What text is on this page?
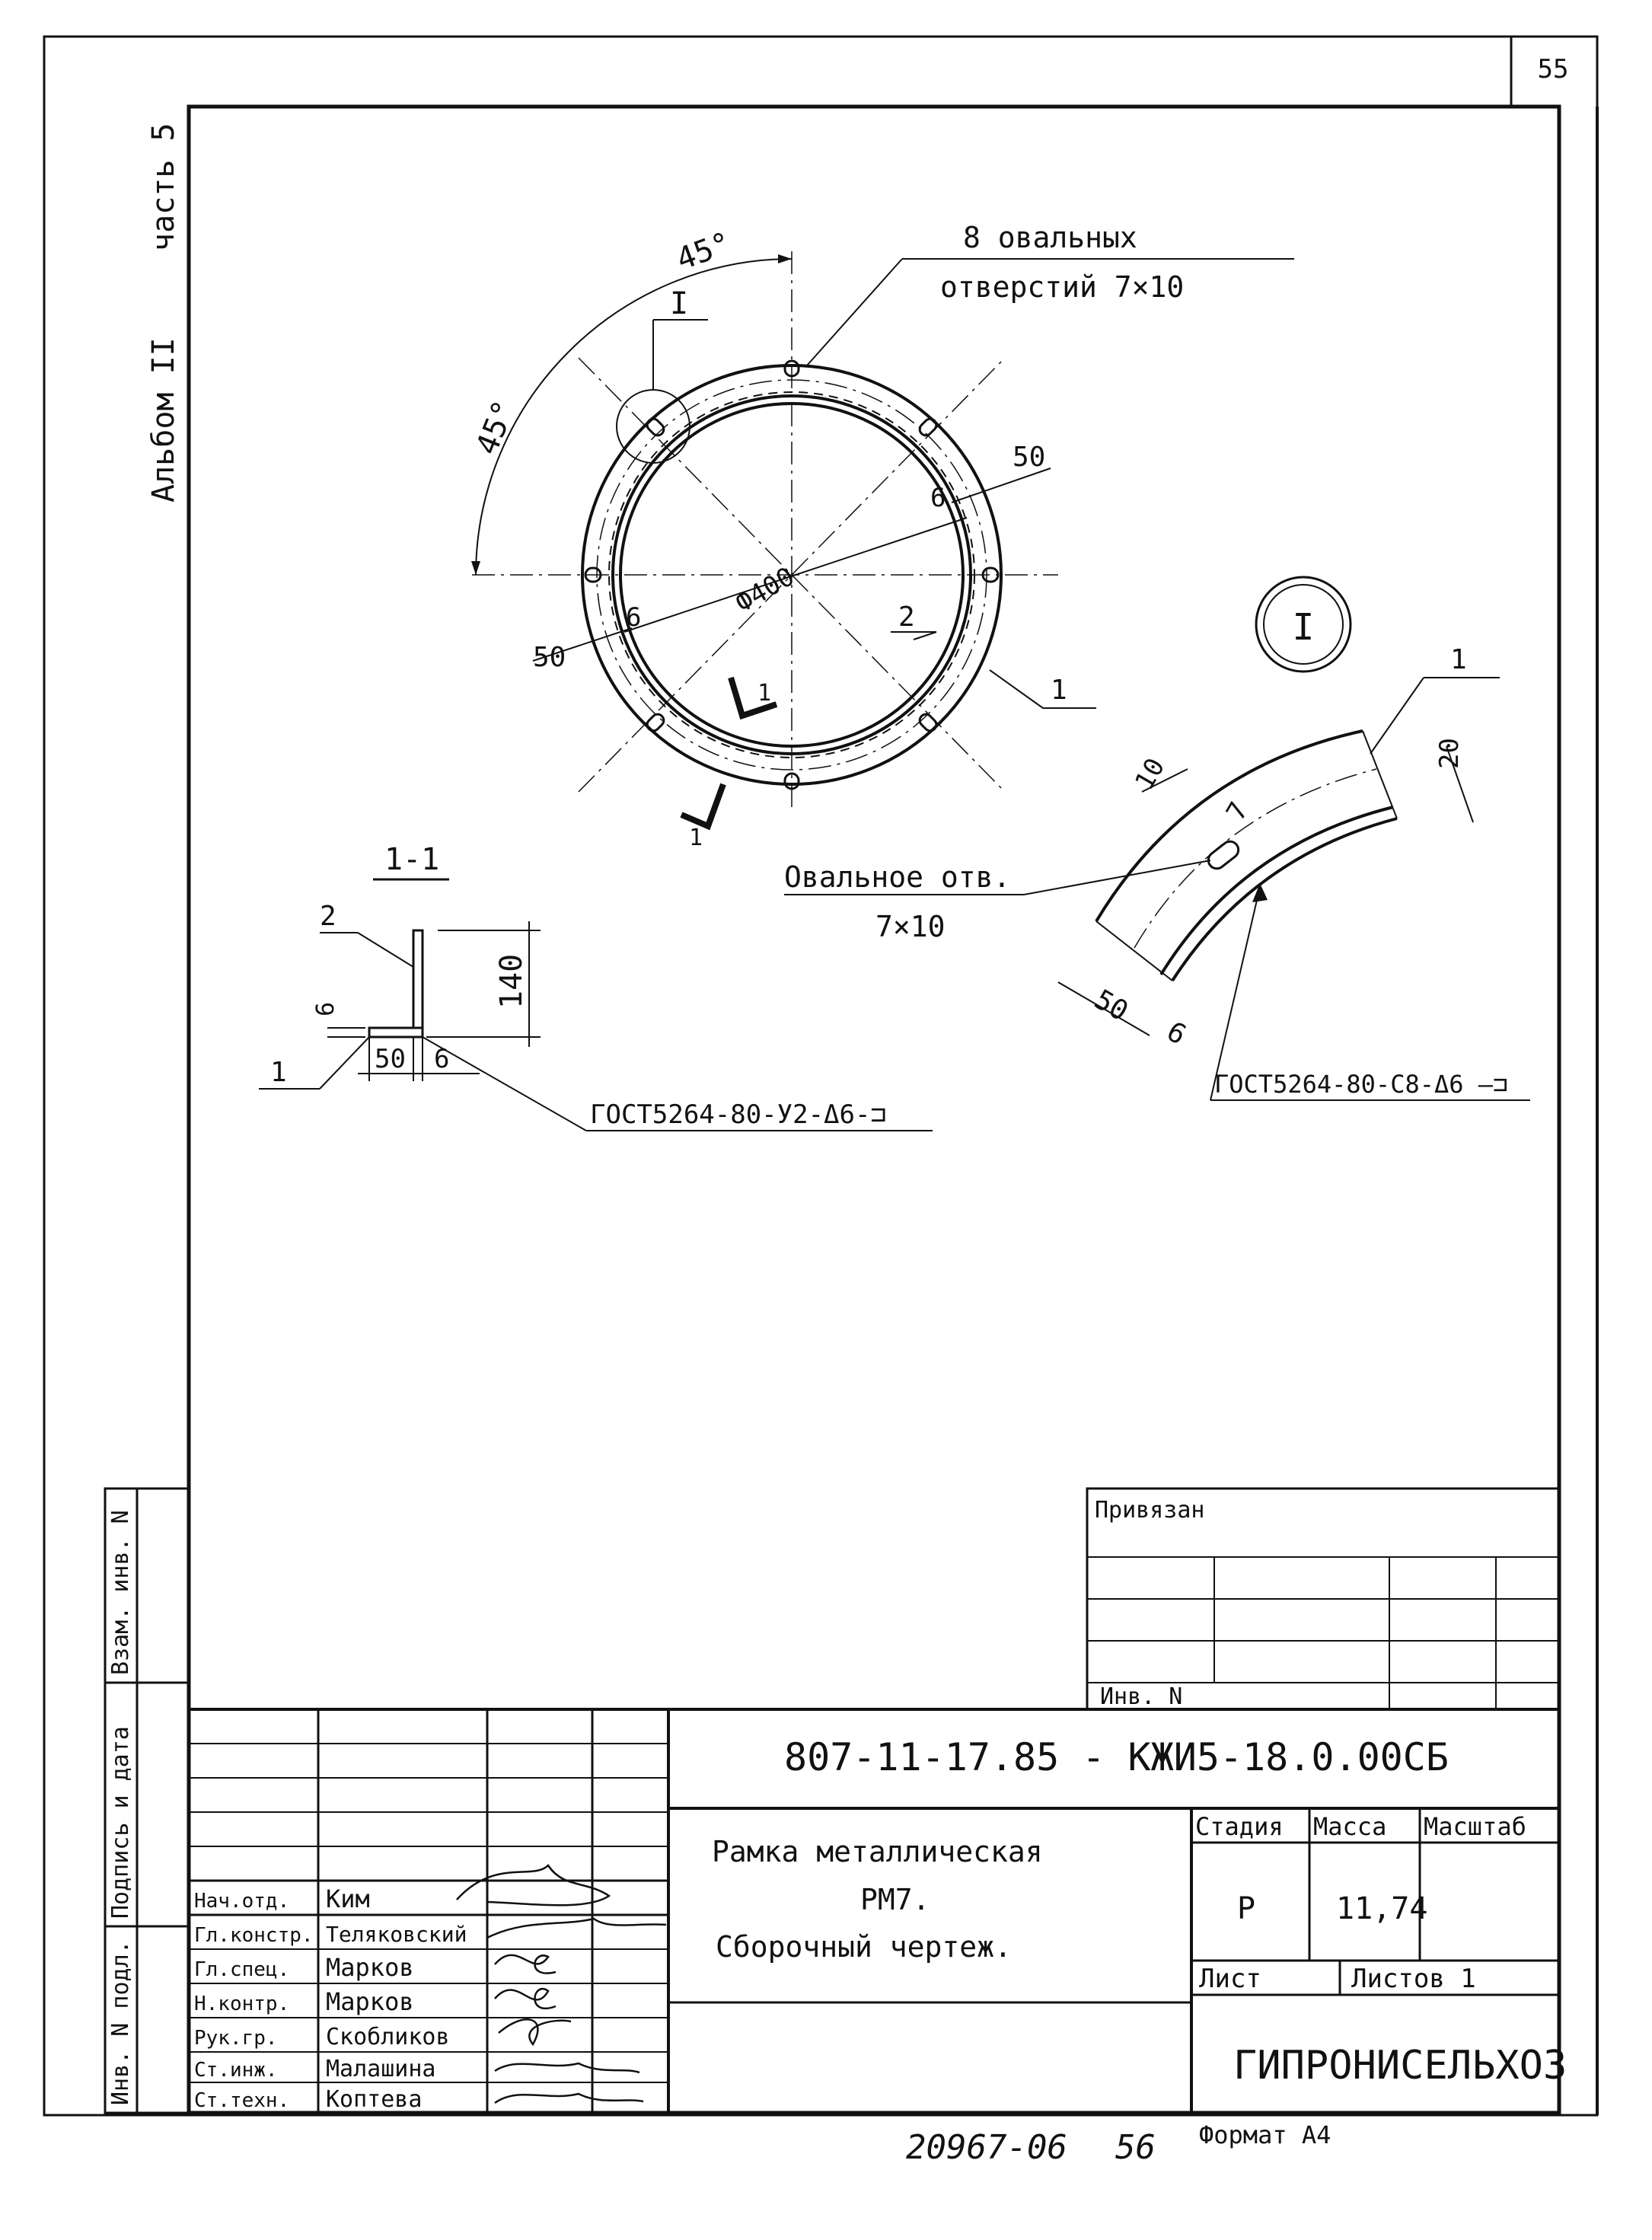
55
Альбом II
часть 5
Инв. N подл.
Подпись и дата
Взам. инв. N
45°
45°
8 овальных
отверстий 7×10
I
Ф400
50
6
50
6	2
1
1
1
I
1
20
10
7
Овальное отв.
7×10
50
6
ГОСТ5264-80-С8-Δ6 —⊐
1-1
2
1
140
6
50 6
ГОСТ5264-80-У2-Δ6-⊐
Привязан
Инв. N
Нач.отд. Ким
Гл.констр. Теляковский
Гл.спец. Марков
Н.контр. Марков
Рук.гр. Скобликов
Ст.инж. Малашина
Ст.техн. Коптева
807-11-17.85 - КЖИ5-18.0.00СБ
Рамка металлическая
РМ7.
Сборочный чертеж.
Стадия Масса Масштаб
Р	11,74
Лист	Листов 1
ГИПРОНИСЕЛЬХОЗ
20967-06 56 Формат А4
